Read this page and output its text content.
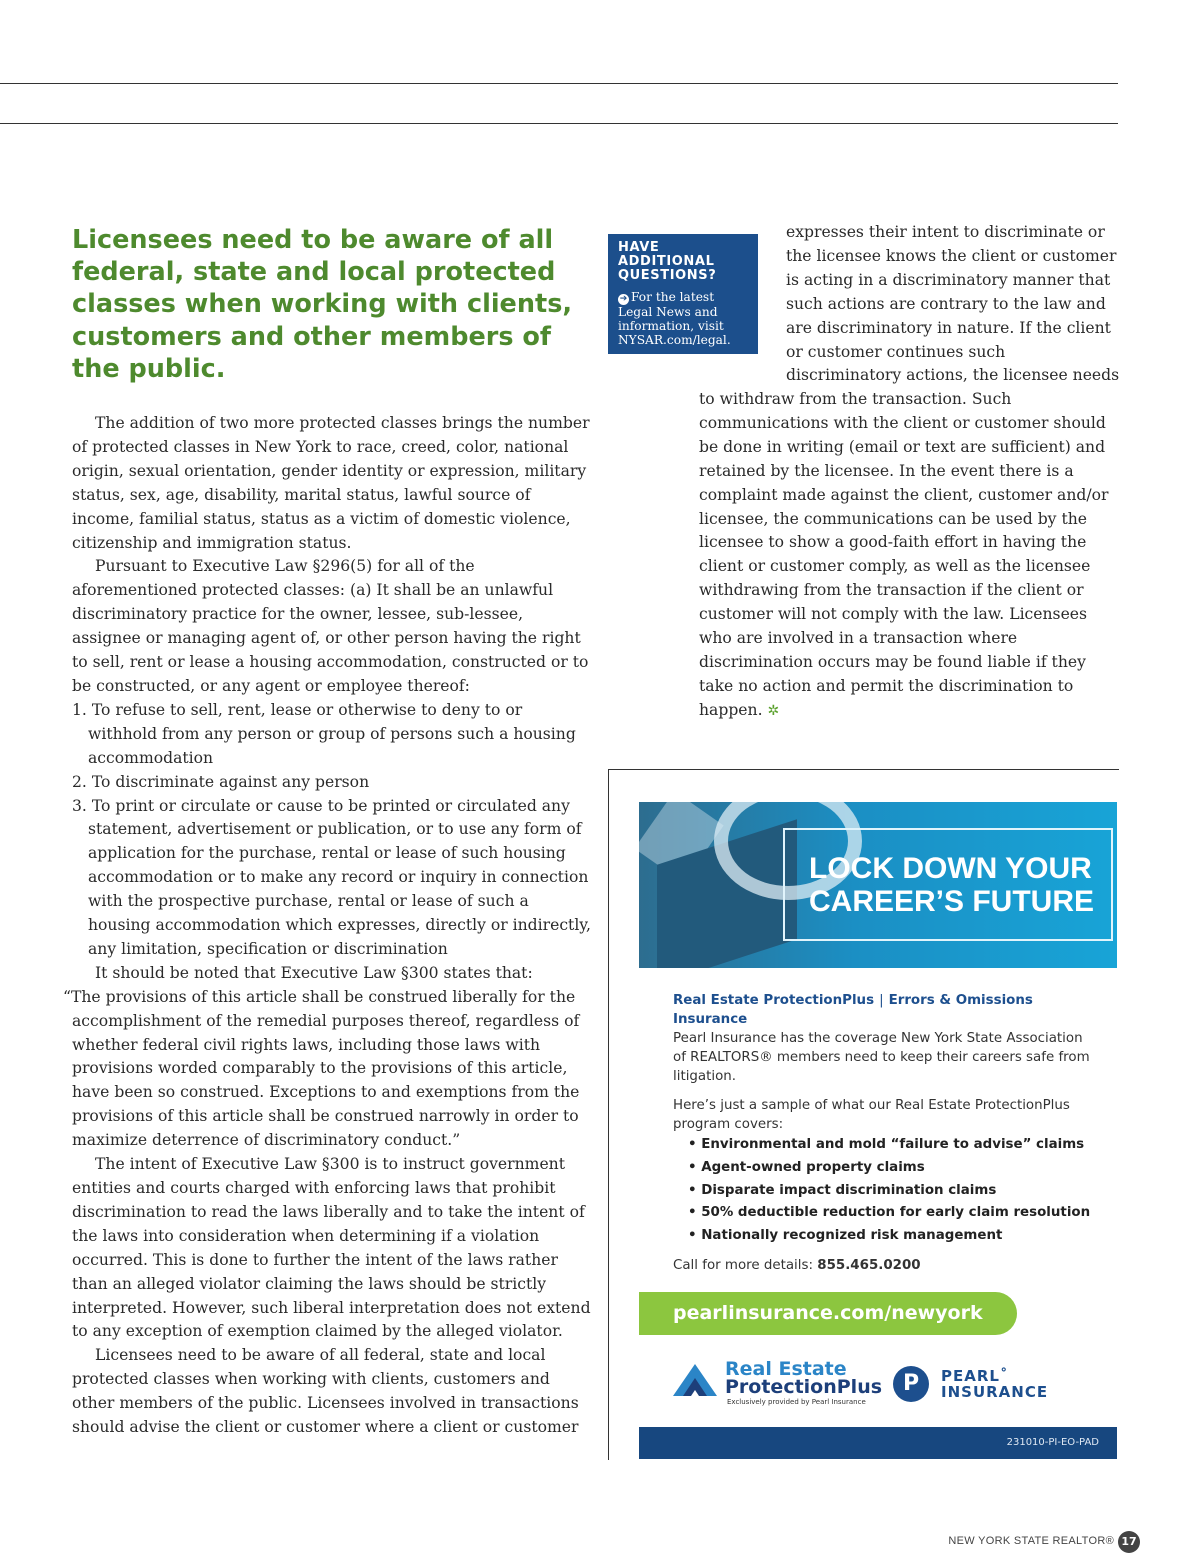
Licensees need to be aware of all federal, state and local protected classes when working with clients, customers and other members of the public.
HAVE
ADDITIONAL
QUESTIONS?
➔ For the latest
Legal News and
information, visit
NYSAR.com/legal.

The addition of two more protected classes brings the number of protected classes in New York to race, creed, color, national origin, sexual orientation, gender identity or expression, military status, sex, age, disability, marital status, lawful source of income, familial status, status as a victim of domestic violence, citizenship and immigration status.

Pursuant to Executive Law §296(5) for all of the aforementioned protected classes: (a) It shall be an unlawful discriminatory practice for the owner, lessee, sub-lessee, assignee or managing agent of, or other person having the right to sell, rent or lease a housing accommodation, constructed or to be constructed, or any agent or employee thereof:

1. To refuse to sell, rent, lease or otherwise to deny to or withhold from any person or group of persons such a housing accommodation

2. To discriminate against any person

3. To print or circulate or cause to be printed or circulated any statement, advertisement or publication, or to use any form of application for the purchase, rental or lease of such housing accommodation or to make any record or inquiry in connection with the prospective purchase, rental or lease of such a housing accommodation which expresses, directly or indirectly, any limitation, specification or discrimination

It should be noted that Executive Law §300 states that:

“The provisions of this article shall be construed liberally for the accomplishment of the remedial purposes thereof, regardless of whether federal civil rights laws, including those laws with provisions worded comparably to the provisions of this article, have been so construed. Exceptions to and exemptions from the provisions of this article shall be construed narrowly in order to maximize deterrence of discriminatory conduct.”

The intent of Executive Law §300 is to instruct government entities and courts charged with enforcing laws that prohibit discrimination to read the laws liberally and to take the intent of the laws into consideration when determining if a violation occurred. This is done to further the intent of the laws rather than an alleged violator claiming the laws should be strictly interpreted. However, such liberal interpretation does not extend to any exception of exemption claimed by the alleged violator.

Licensees need to be aware of all federal, state and local protected classes when working with clients, customers and other members of the public. Licensees involved in transactions should advise the client or customer where a client or customer

expresses their intent to discriminate or the licensee knows the client or customer is acting in a discriminatory manner that such actions are contrary to the law and are discriminatory in nature. If the client or customer continues such discriminatory actions, the licensee needs

to withdraw from the transaction. Such communications with the client or customer should be done in writing (email or text are sufficient) and retained by the licensee. In the event there is a complaint made against the client, customer and/or licensee, the communications can be used by the licensee to show a good-faith effort in having the client or customer comply, as well as the licensee withdrawing from the transaction if the client or customer will not comply with the law. Licensees who are involved in a transaction where discrimination occurs may be found liable if they take no action and permit the discrimination to happen. ✲

LOCK DOWN YOUR
CAREER’S FUTURE

Real Estate ProtectionPlus | Errors & Omissions Insurance

Pearl Insurance has the coverage New York State Association of REALTORS® members need to keep their careers safe from litigation.

Here’s just a sample of what our Real Estate ProtectionPlus program covers:

• Environmental and mold “failure to advise” claims
• Agent-owned property claims
• Disparate impact discrimination claims
• 50% deductible reduction for early claim resolution
• Nationally recognized risk management

Call for more details: 855.465.0200

pearlinsurance.com/newyork
Real Estate
ProtectionPlus
Exclusively provided by Pearl Insurance
P	PEARL˚
INSURANCE
231010-PI-EO-PAD
NEW YORK STATE REALTOR® 17
